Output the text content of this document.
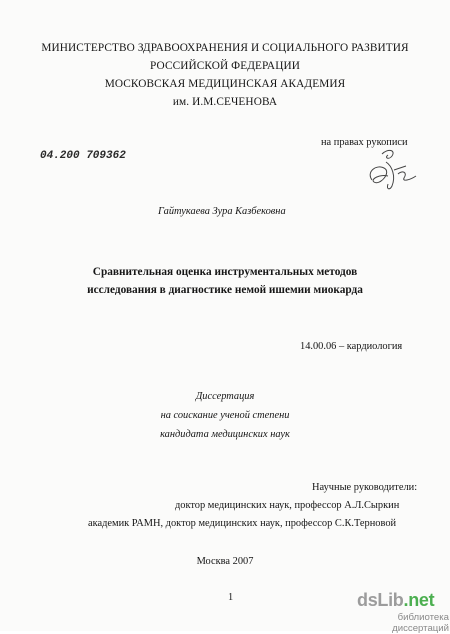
МИНИСТЕРСТВО ЗДРАВООХРАНЕНИЯ И СОЦИАЛЬНОГО РАЗВИТИЯ
РОССИЙСКОЙ ФЕДЕРАЦИИ
МОСКОВСКАЯ МЕДИЦИНСКАЯ АКАДЕМИЯ
им. И.М.СЕЧЕНОВА
на правах рукописи
04.200 709362
Гайтукаева Зура Казбековна
Сравнительная оценка инструментальных методов
исследования в диагностике немой ишемии миокарда
14.00.06 – кардиология
Диссертация
на соискание ученой степени
кандидата медицинских наук
Научные руководители:
доктор медицинских наук, профессор А.Л.Сыркин
академик РАМН, доктор медицинских наук, профессор С.К.Терновой
Москва 2007
1	dsLib.net
библиотека диссертаций
